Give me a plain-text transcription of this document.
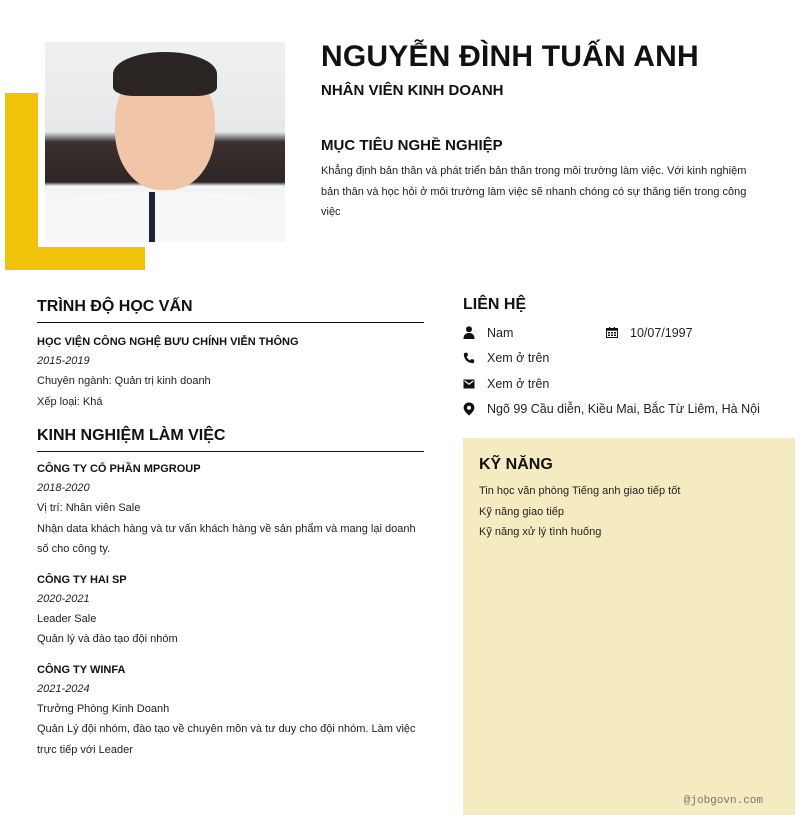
NGUYỄN ĐÌNH TUẤN ANH
NHÂN VIÊN KINH DOANH
MỤC TIÊU NGHỀ NGHIỆP

Khẳng định bản thân và phát triển bản thân trong môi trường làm việc. Với kinh nghiệm bản thân và học hỏi ở môi trường làm việc sẽ nhanh chóng có sự thăng tiến trong công việc

TRÌNH ĐỘ HỌC VẤN

HỌC VIỆN CÔNG NGHỆ BƯU CHÍNH VIỄN THÔNG

2015-2019

Chuyên ngành: Quản trị kinh doanh

Xếp loại: Khá

KINH NGHIỆM LÀM VIỆC

CÔNG TY CỔ PHẦN MPGROUP

2018-2020

Vị trí: Nhân viên Sale

Nhận data khách hàng và tư vấn khách hàng về sản phẩm và mang lại doanh số cho công ty.

CÔNG TY HAI SP

2020-2021

Leader Sale

Quản lý và đào tạo đội nhóm

CÔNG TY WINFA

2021-2024

Trưởng Phòng Kinh Doanh

Quản Lý đội nhóm, đào tạo về chuyên môn và tư duy cho đội nhóm. Làm việc trực tiếp với Leader

LIÊN HỆ
Nam	10/07/1997
Xem ở trên
Xem ở trên
Ngõ 99 Cầu diễn, Kiều Mai, Bắc Từ Liêm, Hà Nội
KỸ NĂNG
Tin học văn phòng Tiếng anh giao tiếp tốt
Kỹ năng giao tiếp
Kỹ năng xử lý tình huống
@jobgovn.com
